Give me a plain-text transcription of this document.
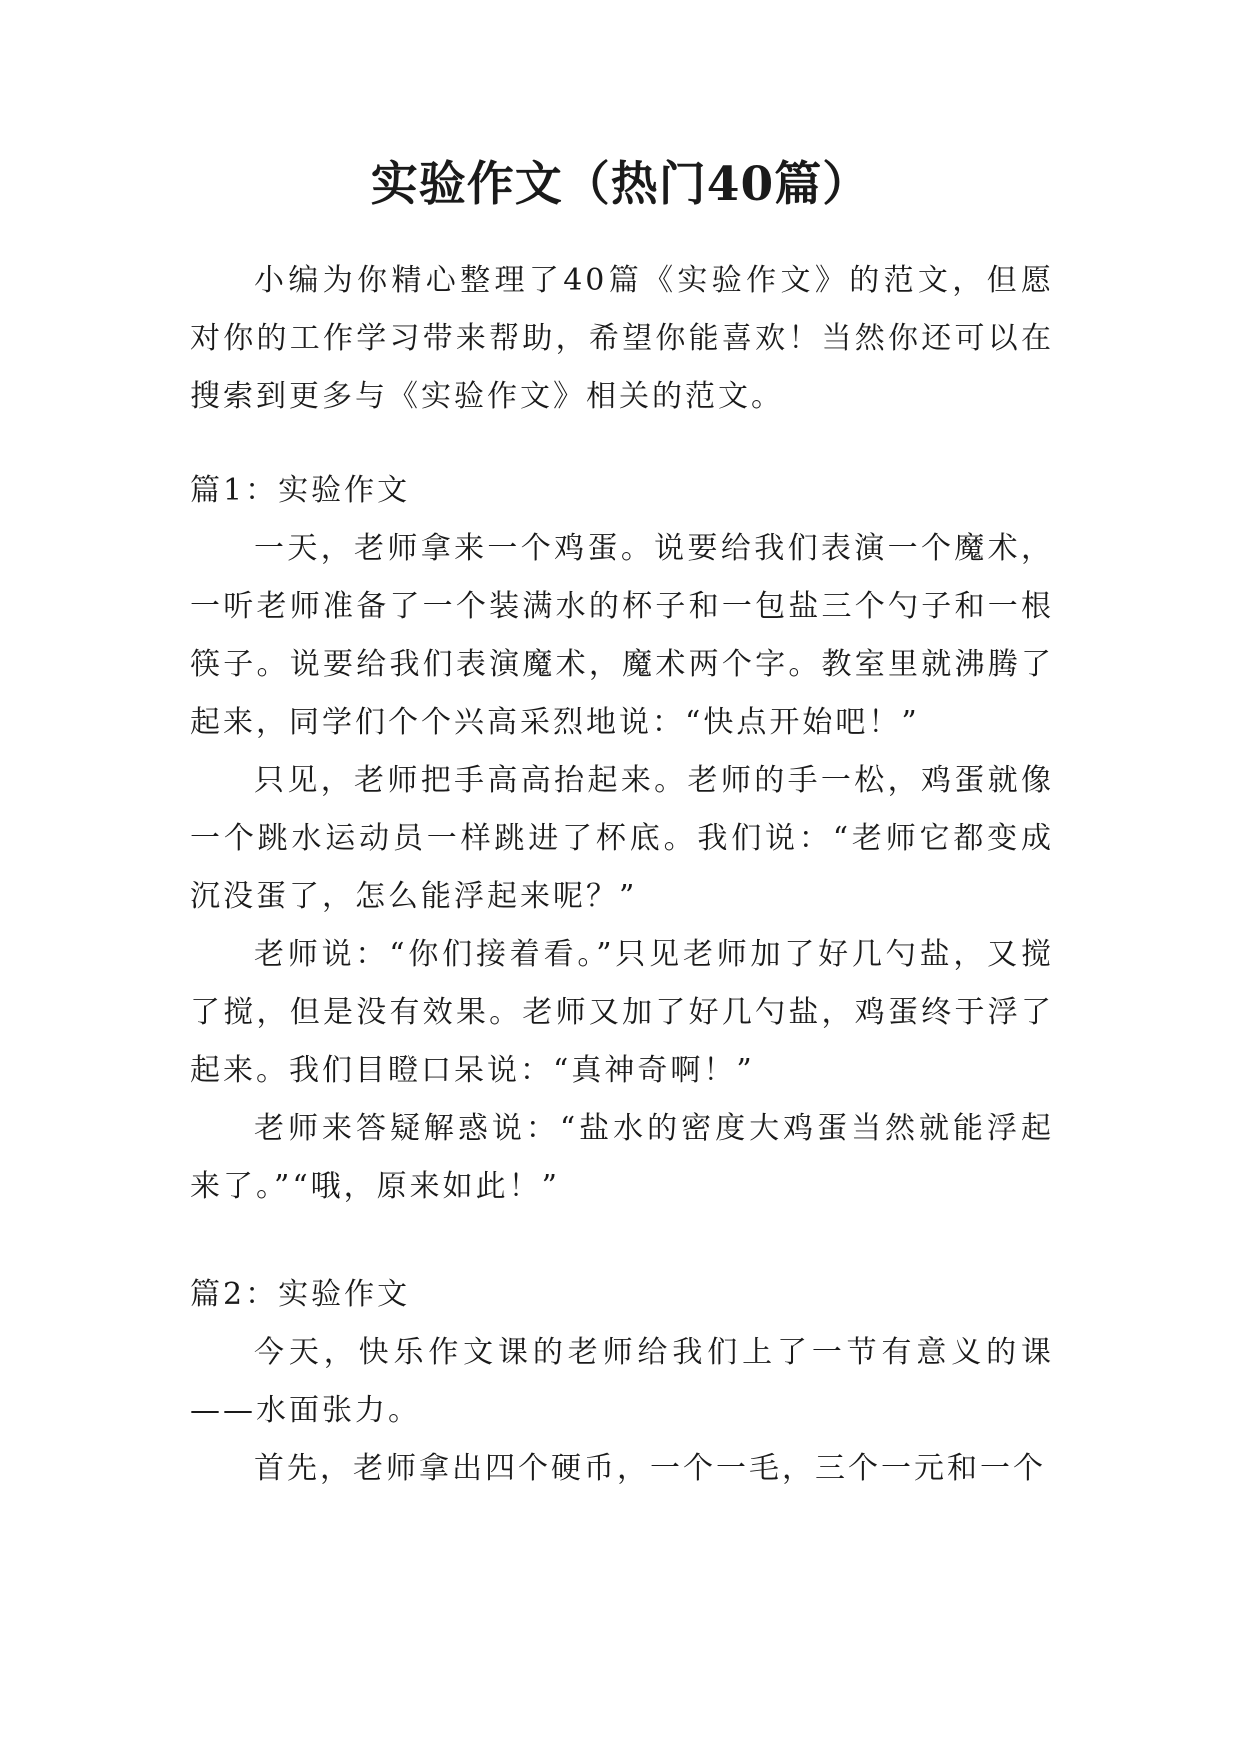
实验作文（热门40篇）

小编为你精心整理了40篇《实验作文》的范文，但愿对你的工作学习带来帮助，希望你能喜欢！当然你还可以在搜索到更多与《实验作文》相关的范文。

篇1：实验作文

一天，老师拿来一个鸡蛋。说要给我们表演一个魔术，一听老师准备了一个装满水的杯子和一包盐三个勺子和一根筷子。说要给我们表演魔术，魔术两个字。教室里就沸腾了起来，同学们个个兴高采烈地说：“快点开始吧！”

只见，老师把手高高抬起来。老师的手一松，鸡蛋就像一个跳水运动员一样跳进了杯底。我们说：“老师它都变成沉没蛋了，怎么能浮起来呢？”

老师说：“你们接着看。”只见老师加了好几勺盐，又搅了搅，但是没有效果。老师又加了好几勺盐，鸡蛋终于浮了起来。我们目瞪口呆说：“真神奇啊！”

老师来答疑解惑说：“盐水的密度大鸡蛋当然就能浮起来了。”“哦，原来如此！”

篇2：实验作文

今天，快乐作文课的老师给我们上了一节有意义的课——水面张力。

首先，老师拿出四个硬币，一个一毛，三个一元和一个
